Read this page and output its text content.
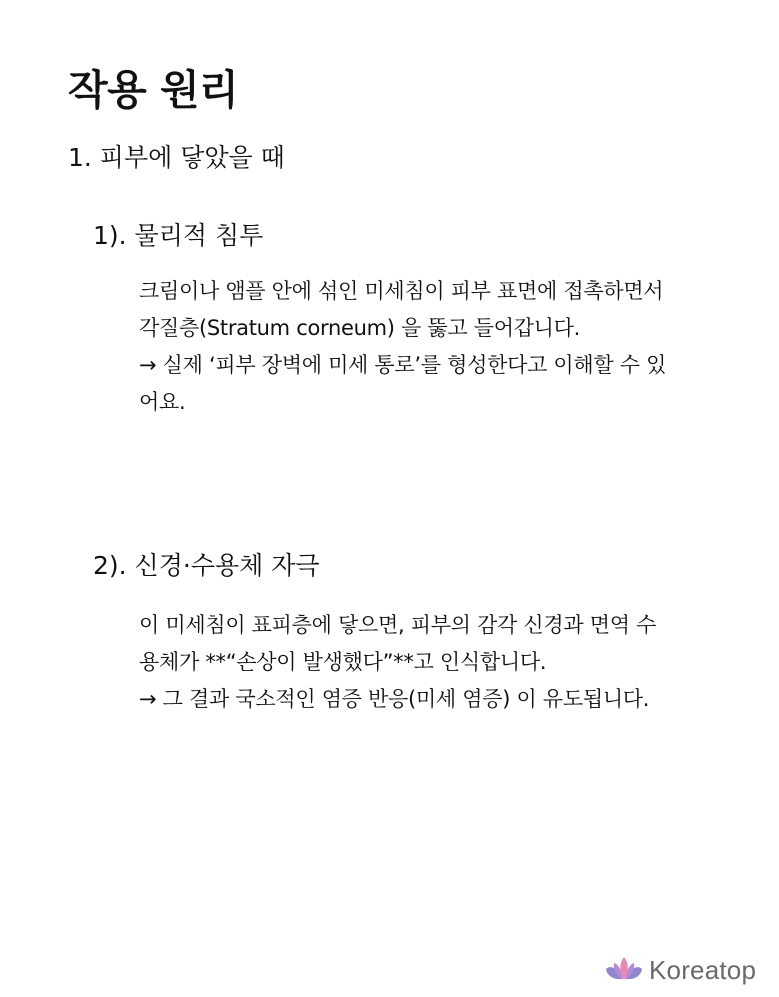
작용 원리
1. 피부에 닿았을 때
1). 물리적 침투

크림이나 앰플 안에 섞인 미세침이 피부 표면에 접촉하면서

각질층(Stratum corneum) 을 뚫고 들어갑니다.

→ 실제 ‘피부 장벽에 미세 통로’를 형성한다고 이해할 수 있

어요.

2). 신경·수용체 자극

이 미세침이 표피층에 닿으면, 피부의 감각 신경과 면역 수

용체가 **“손상이 발생했다”**고 인식합니다.

→ 그 결과 국소적인 염증 반응(미세 염증) 이 유도됩니다.

Koreatop
